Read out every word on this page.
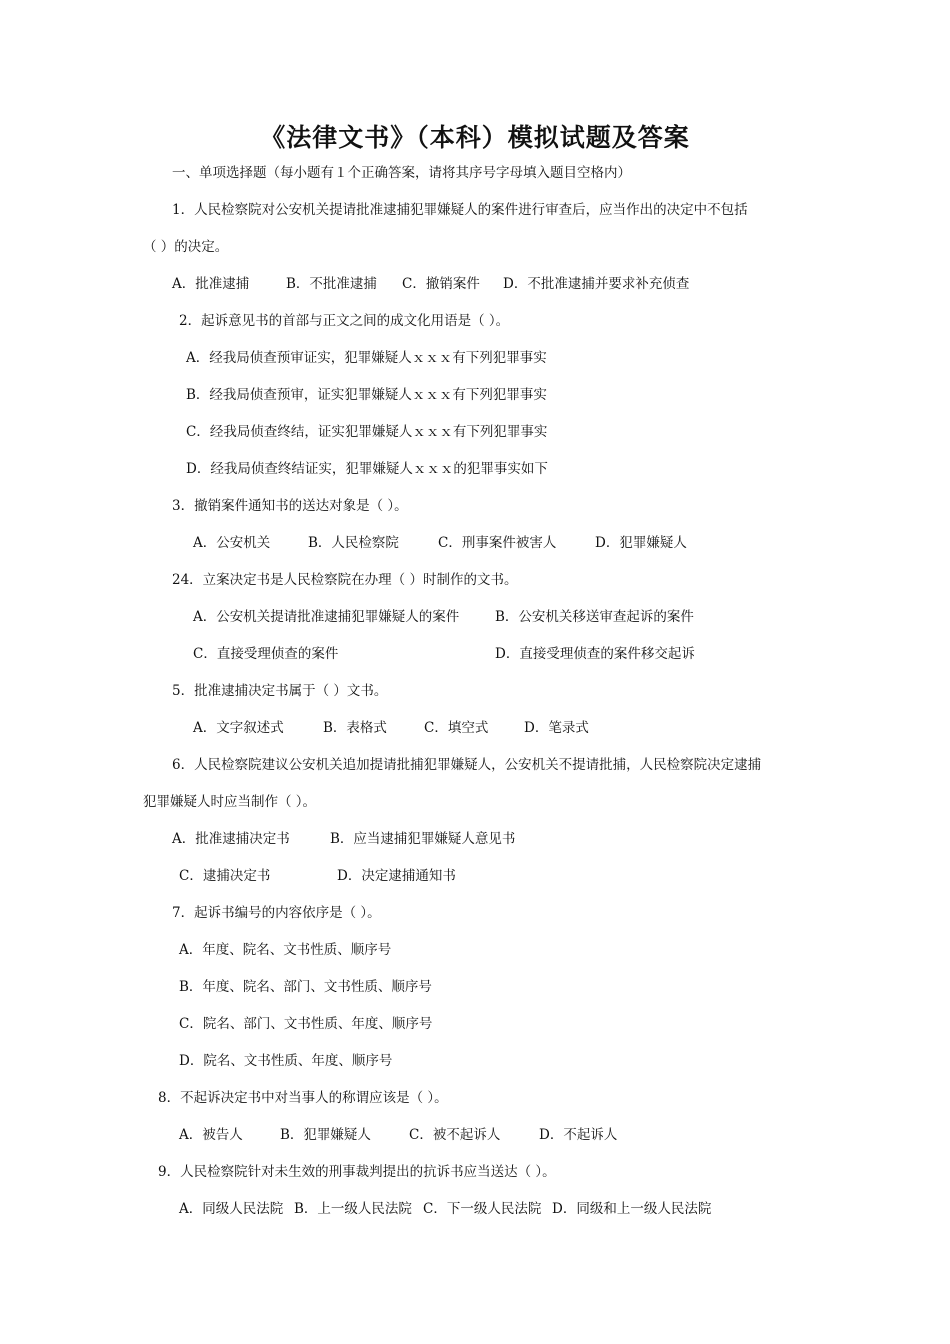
《法律文书》（本科）模拟试题及答案
一、单项选择题（每小题有１个正确答案，请将其序号字母填入题目空格内）
1．人民检察院对公安机关提请批准逮捕犯罪嫌疑人的案件进行审查后，应当作出的决定中不包括
（ ）的决定。
A．批准逮捕	B．不批准逮捕 C．撤销案件 D．不批准逮捕并要求补充侦查
2．起诉意见书的首部与正文之间的成文化用语是（ ）。
A．经我局侦查预审证实，犯罪嫌疑人ｘｘｘ有下列犯罪事实
B．经我局侦查预审，证实犯罪嫌疑人ｘｘｘ有下列犯罪事实
C．经我局侦查终结，证实犯罪嫌疑人ｘｘｘ有下列犯罪事实
D．经我局侦查终结证实，犯罪嫌疑人ｘｘｘ的犯罪事实如下
3．撤销案件通知书的送达对象是（ ）。
A．公安机关	B．人民检察院	C．刑事案件被害人	D．犯罪嫌疑人
24．立案决定书是人民检察院在办理（ ）时制作的文书。
A．公安机关提请批准逮捕犯罪嫌疑人的案件	B．公安机关移送审查起诉的案件
C．直接受理侦查的案件	D．直接受理侦查的案件移交起诉
5．批准逮捕决定书属于（ ）文书。
A．文字叙述式	B．表格式	C．填空式	D．笔录式
6．人民检察院建议公安机关追加提请批捕犯罪嫌疑人，公安机关不提请批捕，人民检察院决定逮捕
犯罪嫌疑人时应当制作（ ）。
A．批准逮捕决定书	B．应当逮捕犯罪嫌疑人意见书
C．逮捕决定书	D．决定逮捕通知书
7．起诉书编号的内容依序是（ ）。
A．年度、院名、文书性质、顺序号
B．年度、院名、部门、文书性质、顺序号
C．院名、部门、文书性质、年度、顺序号
D．院名、文书性质、年度、顺序号
8．不起诉决定书中对当事人的称谓应该是（ ）。
A．被告人	B．犯罪嫌疑人	C．被不起诉人	D．不起诉人
9．人民检察院针对未生效的刑事裁判提出的抗诉书应当送达（ ）。
A．同级人民法院 B．上一级人民法院 C．下一级人民法院 D．同级和上一级人民法院
